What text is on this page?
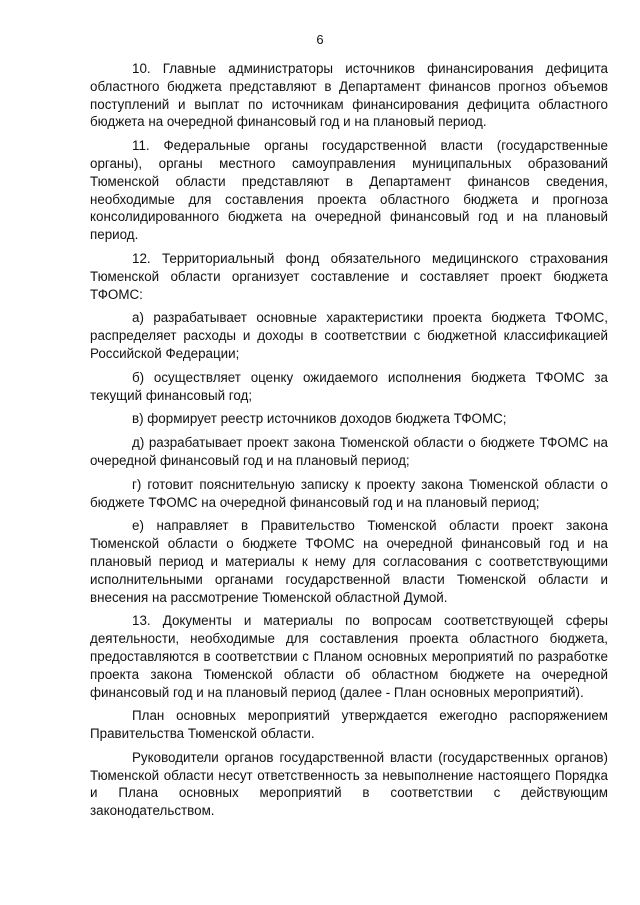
6

10. Главные администраторы источников финансирования дефицита областного бюджета представляют в Департамент финансов прогноз объемов поступлений и выплат по источникам финансирования дефицита областного бюджета на очередной финансовый год и на плановый период.

11. Федеральные органы государственной власти (государственные органы), органы местного самоуправления муниципальных образований Тюменской области представляют в Департамент финансов сведения, необходимые для составления проекта областного бюджета и прогноза консолидированного бюджета на очередной финансовый год и на плановый период.

12. Территориальный фонд обязательного медицинского страхования Тюменской области организует составление и составляет проект бюджета ТФОМС:

а) разрабатывает основные характеристики проекта бюджета ТФОМС, распределяет расходы и доходы в соответствии с бюджетной классификацией Российской Федерации;

б) осуществляет оценку ожидаемого исполнения бюджета ТФОМС за текущий финансовый год;

в) формирует реестр источников доходов бюджета ТФОМС;

д) разрабатывает проект закона Тюменской области о бюджете ТФОМС на очередной финансовый год и на плановый период;

г) готовит пояснительную записку к проекту закона Тюменской области о бюджете ТФОМС на очередной финансовый год и на плановый период;

е) направляет в Правительство Тюменской области проект закона Тюменской области о бюджете ТФОМС на очередной финансовый год и на плановый период и материалы к нему для согласования с соответствующими исполнительными органами государственной власти Тюменской области и внесения на рассмотрение Тюменской областной Думой.

13. Документы и материалы по вопросам соответствующей сферы деятельности, необходимые для составления проекта областного бюджета, предоставляются в соответствии с Планом основных мероприятий по разработке проекта закона Тюменской области об областном бюджете на очередной финансовый год и на плановый период (далее - План основных мероприятий).

План основных мероприятий утверждается ежегодно распоряжением Правительства Тюменской области.

Руководители органов государственной власти (государственных органов) Тюменской области несут ответственность за невыполнение настоящего Порядка и Плана основных мероприятий в соответствии с действующим законодательством.
